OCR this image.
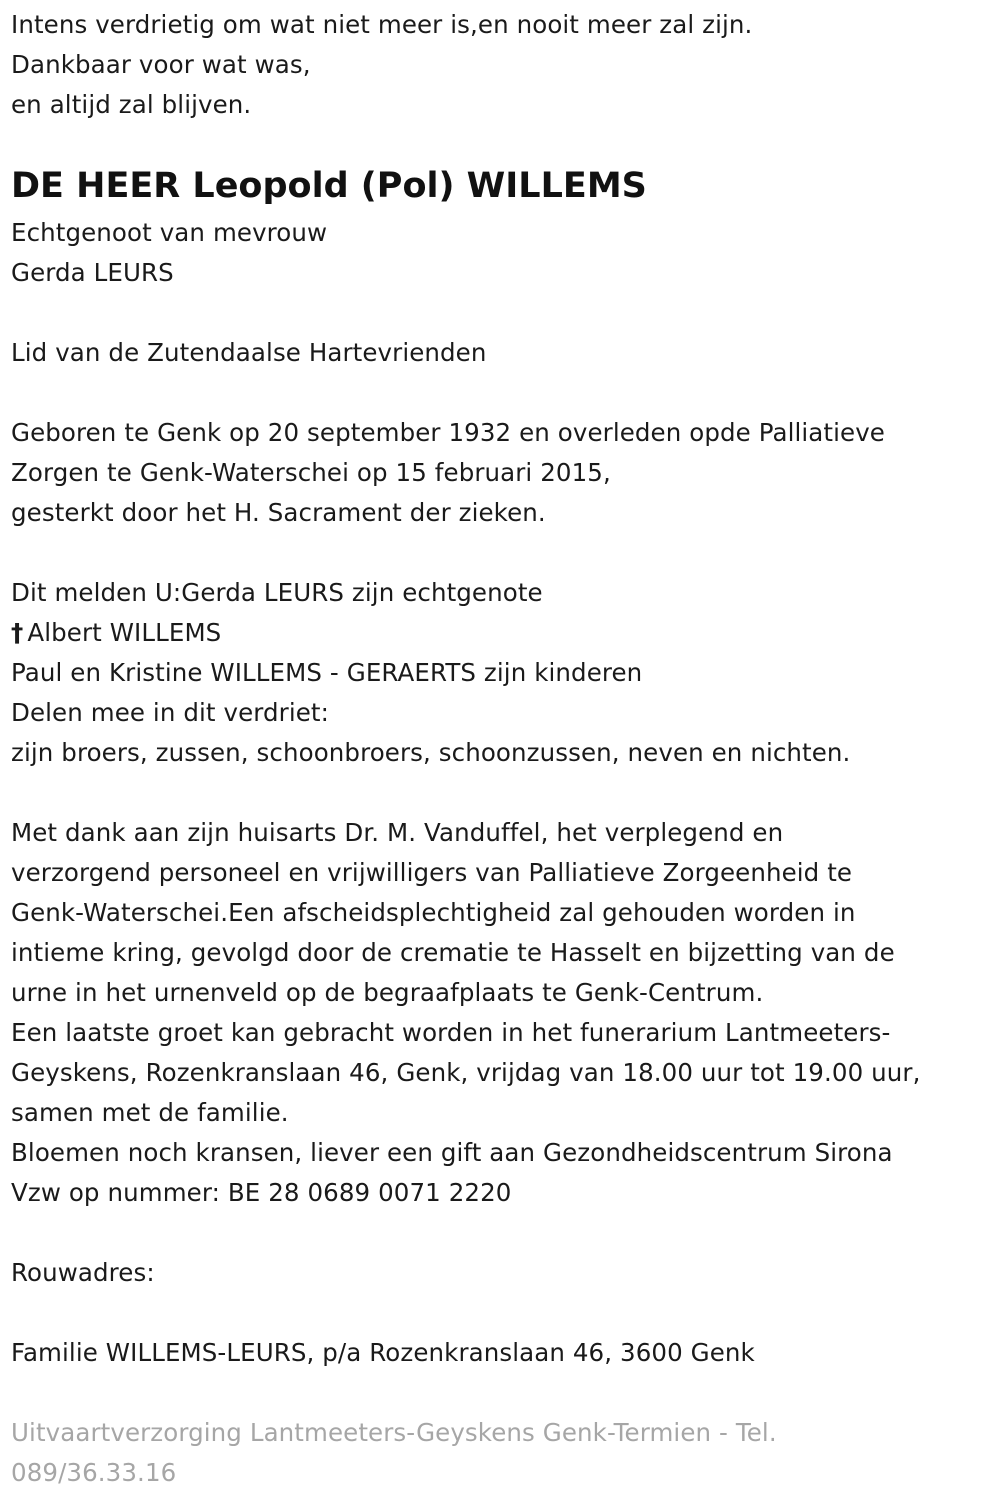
Intens verdrietig om wat niet meer is,en nooit meer zal zijn.
Dankbaar voor wat was,
en altijd zal blijven.
DE HEER Leopold (Pol) WILLEMS
Echtgenoot van mevrouw
Gerda LEURS
Lid van de Zutendaalse Hartevrienden
Geboren te Genk op 20 september 1932 en overleden opde Palliatieve
Zorgen te Genk-Waterschei op 15 februari 2015,
gesterkt door het H. Sacrament der zieken.
Dit melden U:Gerda LEURS zijn echtgenote
† Albert WILLEMS
Paul en Kristine WILLEMS - GERAERTS zijn kinderen
Delen mee in dit verdriet:
zijn broers, zussen, schoonbroers, schoonzussen, neven en nichten.
Met dank aan zijn huisarts Dr. M. Vanduffel, het verplegend en
verzorgend personeel en vrijwilligers van Palliatieve Zorgeenheid te
Genk-Waterschei.Een afscheidsplechtigheid zal gehouden worden in
intieme kring, gevolgd door de crematie te Hasselt en bijzetting van de
urne in het urnenveld op de begraafplaats te Genk-Centrum.
Een laatste groet kan gebracht worden in het funerarium Lantmeeters-
Geyskens, Rozenkranslaan 46, Genk, vrijdag van 18.00 uur tot 19.00 uur,
samen met de familie.
Bloemen noch kransen, liever een gift aan Gezondheidscentrum Sirona
Vzw op nummer: BE 28 0689 0071 2220
Rouwadres:
Familie WILLEMS-LEURS, p/a Rozenkranslaan 46, 3600 Genk
Uitvaartverzorging Lantmeeters-Geyskens Genk-Termien - Tel.
089/36.33.16
